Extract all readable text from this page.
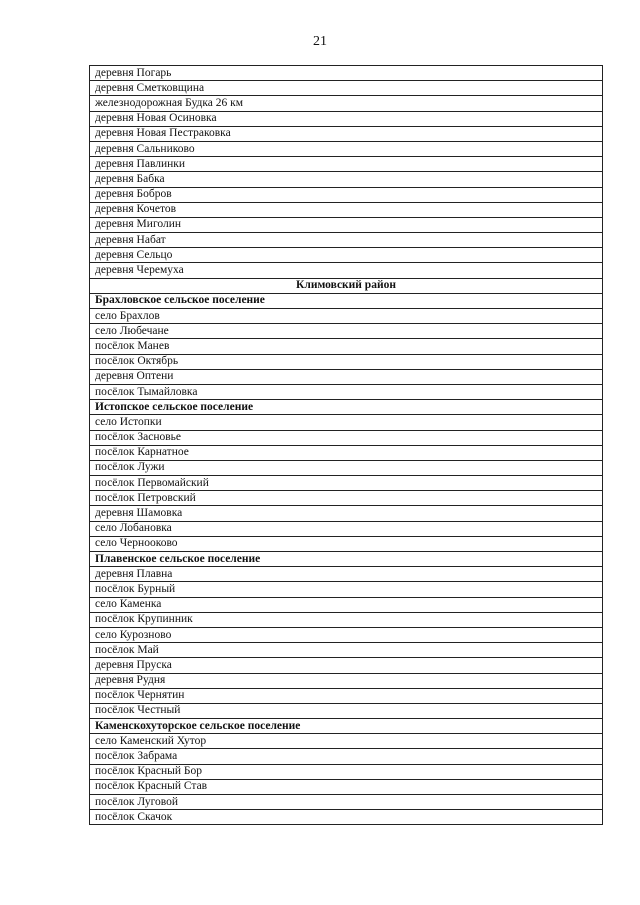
21
деревня Погарь
деревня Сметковщина
железнодорожная Будка 26 км
деревня Новая Осиновка
деревня Новая Пестраковка
деревня Сальниково
деревня Павлинки
деревня Бабка
деревня Бобров
деревня Кочетов
деревня Миголин
деревня Набат
деревня Сельцо
деревня Черемуха
Климовский район
Брахловское сельское поселение
село Брахлов
село Любечане
посёлок Манев
посёлок Октябрь
деревня Оптени
посёлок Тымайловка
Истопское сельское поселение
село Истопки
посёлок Засновье
посёлок Карнатное
посёлок Лужи
посёлок Первомайский
посёлок Петровский
деревня Шамовка
село Лобановка
село Чернооково
Плавенское сельское поселение
деревня Плавна
посёлок Бурный
село Каменка
посёлок Крупинник
село Курозново
посёлок Май
деревня Пруска
деревня Рудня
посёлок Чернятин
посёлок Честный
Каменскохуторское сельское поселение
село Каменский Хутор
посёлок Забрама
посёлок Красный Бор
посёлок Красный Став
посёлок Луговой
посёлок Скачок
